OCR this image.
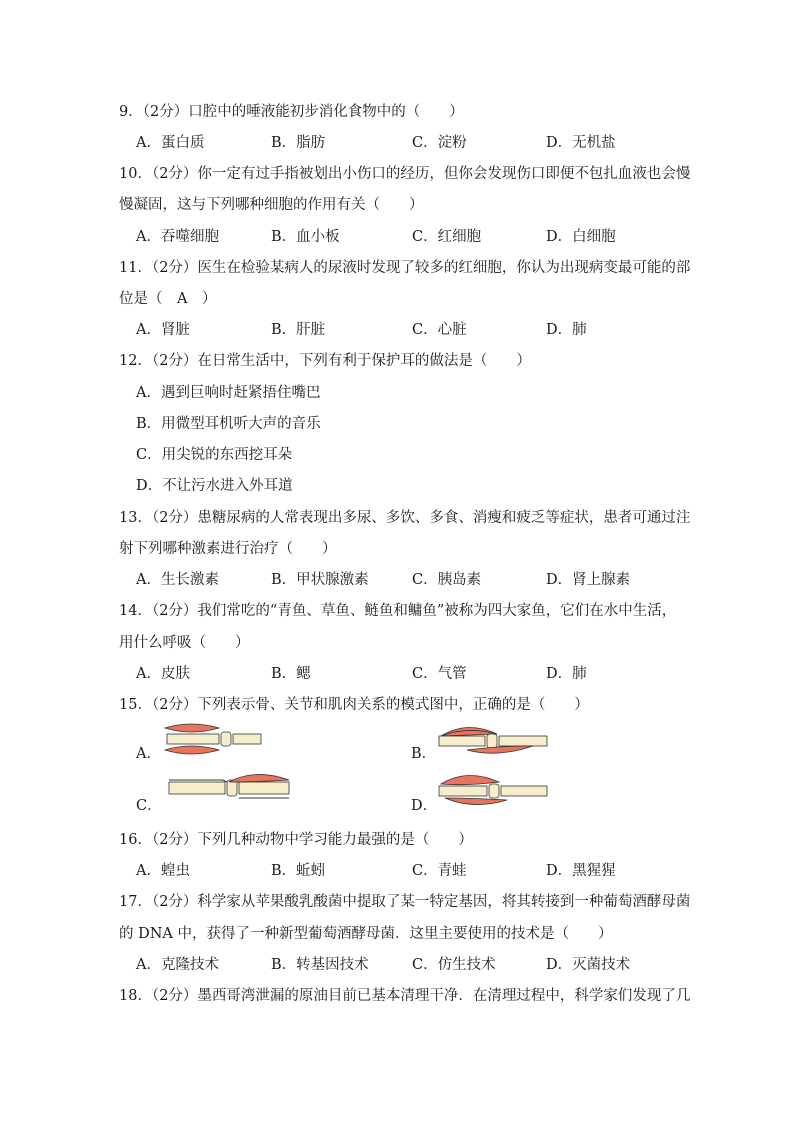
9．（2分）口腔中的唾液能初步消化食物中的（　　）
A．蛋白质	B．脂肪	C．淀粉	D．无机盐
10．（2分）你一定有过手指被划出小伤口的经历，但你会发现伤口即便不包扎血液也会慢
慢凝固，这与下列哪种细胞的作用有关（　　）
A．吞噬细胞	B．血小板	C．红细胞	D．白细胞
11．（2分）医生在检验某病人的尿液时发现了较多的红细胞，你认为出现病变最可能的部
位是（　A　）
A．肾脏	B．肝脏	C．心脏	D．肺
12．（2分）在日常生活中，下列有利于保护耳的做法是（　　）
A．遇到巨响时赶紧捂住嘴巴
B．用微型耳机听大声的音乐
C．用尖锐的东西挖耳朵
D．不让污水进入外耳道
13．（2分）患糖尿病的人常表现出多尿、多饮、多食、消瘦和疲乏等症状，患者可通过注
射下列哪种激素进行治疗（　　）
A．生长激素	B．甲状腺激素	C．胰岛素	D．肾上腺素
14．（2分）我们常吃的“青鱼、草鱼、鲢鱼和鳙鱼”被称为四大家鱼，它们在水中生活，
用什么呼吸（　　）
A．皮肤	B．鳃	C．气管	D．肺
15．（2分）下列表示骨、关节和肌肉关系的模式图中，正确的是（　　）
A．	B．
C．	D．
16．（2分）下列几种动物中学习能力最强的是（　　）
A．蝗虫	B．蚯蚓	C．青蛙	D．黑猩猩
17．（2分）科学家从苹果酸乳酸菌中提取了某一特定基因，将其转接到一种葡萄酒酵母菌
的 DNA 中，获得了一种新型葡萄酒酵母菌．这里主要使用的技术是（　　）
A．克隆技术	B．转基因技术	C．仿生技术	D．灭菌技术
18．（2分）墨西哥湾泄漏的原油目前已基本清理干净．在清理过程中，科学家们发现了几
